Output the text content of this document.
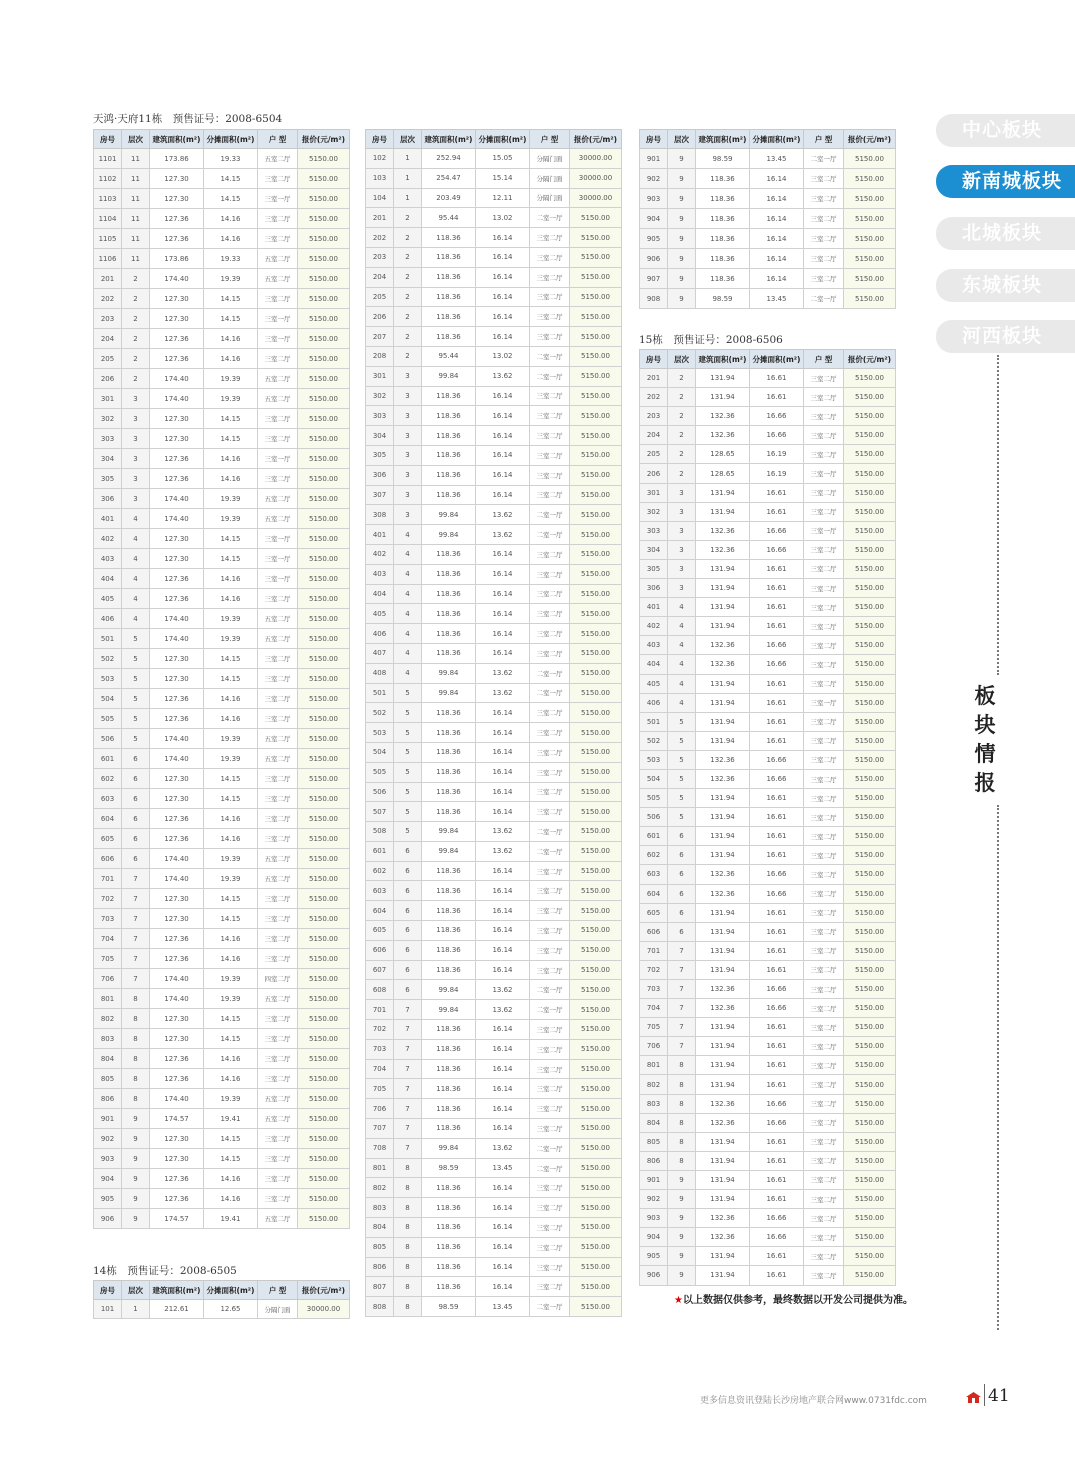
天鸿·天府11栋　预售证号：2008-6504
房号	层次	建筑面积(m²)	分摊面积(m²)	户 型	报价(元/m²)
1101	11	173.86	19.33	五室二厅	5150.00
1102	11	127.30	14.15	三室二厅	5150.00
1103	11	127.30	14.15	三室一厅	5150.00
1104	11	127.36	14.16	三室二厅	5150.00
1105	11	127.36	14.16	三室二厅	5150.00
1106	11	173.86	19.33	五室二厅	5150.00
201	2	174.40	19.39	五室二厅	5150.00
202	2	127.30	14.15	三室二厅	5150.00
203	2	127.30	14.15	三室一厅	5150.00
204	2	127.36	14.16	三室一厅	5150.00
205	2	127.36	14.16	三室二厅	5150.00
206	2	174.40	19.39	五室二厅	5150.00
301	3	174.40	19.39	五室二厅	5150.00
302	3	127.30	14.15	三室二厅	5150.00
303	3	127.30	14.15	三室二厅	5150.00
304	3	127.36	14.16	三室一厅	5150.00
305	3	127.36	14.16	三室二厅	5150.00
306	3	174.40	19.39	五室二厅	5150.00
401	4	174.40	19.39	五室二厅	5150.00
402	4	127.30	14.15	三室一厅	5150.00
403	4	127.30	14.15	三室一厅	5150.00
404	4	127.36	14.16	三室一厅	5150.00
405	4	127.36	14.16	三室二厅	5150.00
406	4	174.40	19.39	五室二厅	5150.00
501	5	174.40	19.39	五室二厅	5150.00
502	5	127.30	14.15	三室二厅	5150.00
503	5	127.30	14.15	三室二厅	5150.00
504	5	127.36	14.16	三室二厅	5150.00
505	5	127.36	14.16	三室二厅	5150.00
506	5	174.40	19.39	五室二厅	5150.00
601	6	174.40	19.39	五室二厅	5150.00
602	6	127.30	14.15	三室二厅	5150.00
603	6	127.30	14.15	三室二厅	5150.00
604	6	127.36	14.16	三室二厅	5150.00
605	6	127.36	14.16	三室二厅	5150.00
606	6	174.40	19.39	五室二厅	5150.00
701	7	174.40	19.39	五室二厅	5150.00
702	7	127.30	14.15	三室二厅	5150.00
703	7	127.30	14.15	三室二厅	5150.00
704	7	127.36	14.16	三室二厅	5150.00
705	7	127.36	14.16	三室二厅	5150.00
706	7	174.40	19.39	四室二厅	5150.00
801	8	174.40	19.39	五室二厅	5150.00
802	8	127.30	14.15	三室二厅	5150.00
803	8	127.30	14.15	三室二厅	5150.00
804	8	127.36	14.16	三室二厅	5150.00
805	8	127.36	14.16	三室二厅	5150.00
806	8	174.40	19.39	五室二厅	5150.00
901	9	174.57	19.41	五室二厅	5150.00
902	9	127.30	14.15	三室二厅	5150.00
903	9	127.30	14.15	三室二厅	5150.00
904	9	127.36	14.16	三室二厅	5150.00
905	9	127.36	14.16	三室二厅	5150.00
906	9	174.57	19.41	五室二厅	5150.00
14栋　预售证号：2008-6505
房号	层次	建筑面积(m²)	分摊面积(m²)	户 型	报价(元/m²)
101	1	212.61	12.65	分隔门面	30000.00
房号	层次	建筑面积(m²)	分摊面积(m²)	户 型	报价(元/m²)
102	1	252.94	15.05	分隔门面	30000.00
103	1	254.47	15.14	分隔门面	30000.00
104	1	203.49	12.11	分隔门面	30000.00
201	2	95.44	13.02	二室一厅	5150.00
202	2	118.36	16.14	三室二厅	5150.00
203	2	118.36	16.14	三室二厅	5150.00
204	2	118.36	16.14	三室二厅	5150.00
205	2	118.36	16.14	三室二厅	5150.00
206	2	118.36	16.14	三室二厅	5150.00
207	2	118.36	16.14	三室二厅	5150.00
208	2	95.44	13.02	二室一厅	5150.00
301	3	99.84	13.62	二室一厅	5150.00
302	3	118.36	16.14	三室二厅	5150.00
303	3	118.36	16.14	三室二厅	5150.00
304	3	118.36	16.14	三室二厅	5150.00
305	3	118.36	16.14	三室二厅	5150.00
306	3	118.36	16.14	三室二厅	5150.00
307	3	118.36	16.14	三室二厅	5150.00
308	3	99.84	13.62	二室一厅	5150.00
401	4	99.84	13.62	二室一厅	5150.00
402	4	118.36	16.14	三室二厅	5150.00
403	4	118.36	16.14	三室二厅	5150.00
404	4	118.36	16.14	三室二厅	5150.00
405	4	118.36	16.14	三室二厅	5150.00
406	4	118.36	16.14	三室二厅	5150.00
407	4	118.36	16.14	三室二厅	5150.00
408	4	99.84	13.62	二室一厅	5150.00
501	5	99.84	13.62	二室一厅	5150.00
502	5	118.36	16.14	三室二厅	5150.00
503	5	118.36	16.14	三室二厅	5150.00
504	5	118.36	16.14	三室二厅	5150.00
505	5	118.36	16.14	三室二厅	5150.00
506	5	118.36	16.14	三室二厅	5150.00
507	5	118.36	16.14	三室二厅	5150.00
508	5	99.84	13.62	二室一厅	5150.00
601	6	99.84	13.62	二室一厅	5150.00
602	6	118.36	16.14	三室二厅	5150.00
603	6	118.36	16.14	三室二厅	5150.00
604	6	118.36	16.14	三室二厅	5150.00
605	6	118.36	16.14	三室二厅	5150.00
606	6	118.36	16.14	三室二厅	5150.00
607	6	118.36	16.14	三室二厅	5150.00
608	6	99.84	13.62	二室一厅	5150.00
701	7	99.84	13.62	二室一厅	5150.00
702	7	118.36	16.14	三室二厅	5150.00
703	7	118.36	16.14	三室二厅	5150.00
704	7	118.36	16.14	三室二厅	5150.00
705	7	118.36	16.14	三室二厅	5150.00
706	7	118.36	16.14	三室二厅	5150.00
707	7	118.36	16.14	三室二厅	5150.00
708	7	99.84	13.62	二室一厅	5150.00
801	8	98.59	13.45	二室一厅	5150.00
802	8	118.36	16.14	三室二厅	5150.00
803	8	118.36	16.14	三室二厅	5150.00
804	8	118.36	16.14	三室二厅	5150.00
805	8	118.36	16.14	三室二厅	5150.00
806	8	118.36	16.14	三室二厅	5150.00
807	8	118.36	16.14	三室二厅	5150.00
808	8	98.59	13.45	二室一厅	5150.00
房号	层次	建筑面积(m²)	分摊面积(m²)	户 型	报价(元/m²)
901	9	98.59	13.45	二室一厅	5150.00
902	9	118.36	16.14	三室二厅	5150.00
903	9	118.36	16.14	三室二厅	5150.00
904	9	118.36	16.14	三室二厅	5150.00
905	9	118.36	16.14	三室二厅	5150.00
906	9	118.36	16.14	三室二厅	5150.00
907	9	118.36	16.14	三室二厅	5150.00
908	9	98.59	13.45	二室一厅	5150.00
15栋　预售证号：2008-6506
房号	层次	建筑面积(m²)	分摊面积(m²)	户 型	报价(元/m²)
201	2	131.94	16.61	三室二厅	5150.00
202	2	131.94	16.61	三室二厅	5150.00
203	2	132.36	16.66	三室二厅	5150.00
204	2	132.36	16.66	三室二厅	5150.00
205	2	128.65	16.19	三室二厅	5150.00
206	2	128.65	16.19	三室一厅	5150.00
301	3	131.94	16.61	三室二厅	5150.00
302	3	131.94	16.61	三室二厅	5150.00
303	3	132.36	16.66	三室一厅	5150.00
304	3	132.36	16.66	三室二厅	5150.00
305	3	131.94	16.61	三室二厅	5150.00
306	3	131.94	16.61	三室二厅	5150.00
401	4	131.94	16.61	三室二厅	5150.00
402	4	131.94	16.61	三室二厅	5150.00
403	4	132.36	16.66	三室二厅	5150.00
404	4	132.36	16.66	三室二厅	5150.00
405	4	131.94	16.61	三室二厅	5150.00
406	4	131.94	16.61	三室一厅	5150.00
501	5	131.94	16.61	三室二厅	5150.00
502	5	131.94	16.61	三室二厅	5150.00
503	5	132.36	16.66	三室二厅	5150.00
504	5	132.36	16.66	三室二厅	5150.00
505	5	131.94	16.61	三室二厅	5150.00
506	5	131.94	16.61	三室二厅	5150.00
601	6	131.94	16.61	三室二厅	5150.00
602	6	131.94	16.61	三室二厅	5150.00
603	6	132.36	16.66	三室二厅	5150.00
604	6	132.36	16.66	三室二厅	5150.00
605	6	131.94	16.61	三室二厅	5150.00
606	6	131.94	16.61	三室二厅	5150.00
701	7	131.94	16.61	三室二厅	5150.00
702	7	131.94	16.61	三室二厅	5150.00
703	7	132.36	16.66	三室二厅	5150.00
704	7	132.36	16.66	三室二厅	5150.00
705	7	131.94	16.61	三室二厅	5150.00
706	7	131.94	16.61	三室二厅	5150.00
801	8	131.94	16.61	三室二厅	5150.00
802	8	131.94	16.61	三室二厅	5150.00
803	8	132.36	16.66	三室二厅	5150.00
804	8	132.36	16.66	三室二厅	5150.00
805	8	131.94	16.61	三室二厅	5150.00
806	8	131.94	16.61	三室二厅	5150.00
901	9	131.94	16.61	三室二厅	5150.00
902	9	131.94	16.61	三室二厅	5150.00
903	9	132.36	16.66	三室二厅	5150.00
904	9	132.36	16.66	三室二厅	5150.00
905	9	131.94	16.61	三室二厅	5150.00
906	9	131.94	16.61	三室二厅	5150.00
中心板块
新南城板块
北城板块
东城板块
河西板块
板块情报
★以上数据仅供参考，最终数据以开发公司提供为准。
更多信息资讯登陆长沙房地产联合网www.0731fdc.com	41
